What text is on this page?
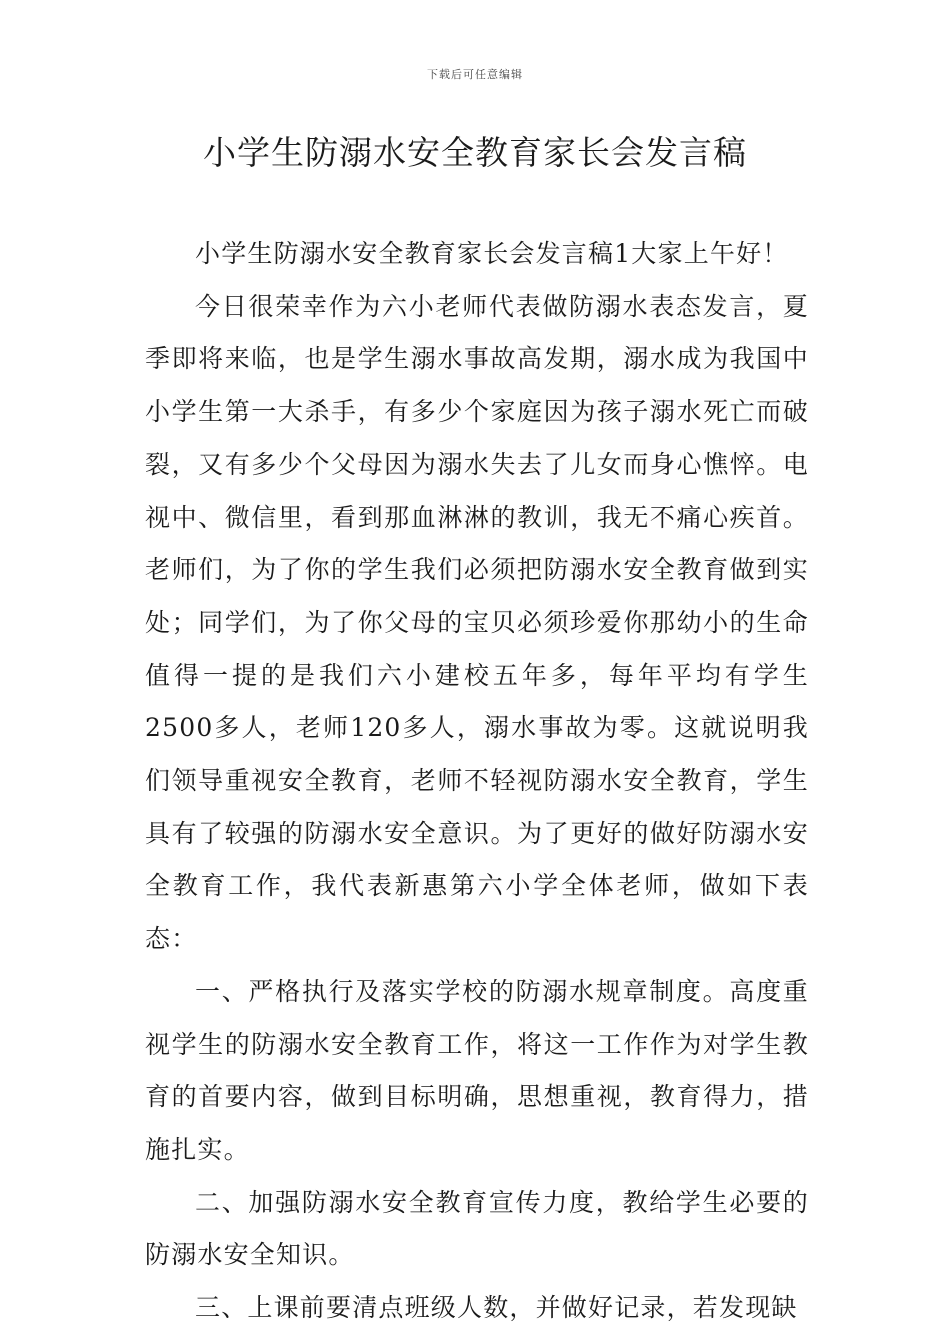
下载后可任意编辑
小学生防溺水安全教育家长会发言稿

小学生防溺水安全教育家长会发言稿1大家上午好！

今日很荣幸作为六小老师代表做防溺水表态发言，夏季即将来临，也是学生溺水事故高发期，溺水成为我国中小学生第一大杀手，有多少个家庭因为孩子溺水死亡而破裂，又有多少个父母因为溺水失去了儿女而身心憔悴。电视中、微信里，看到那血淋淋的教训，我无不痛心疾首。老师们，为了你的学生我们必须把防溺水安全教育做到实处；同学们，为了你父母的宝贝必须珍爱你那幼小的生命值得一提的是我们六小建校五年多，每年平均有学生2500多人，老师120多人，溺水事故为零。这就说明我们领导重视安全教育，老师不轻视防溺水安全教育，学生具有了较强的防溺水安全意识。为了更好的做好防溺水安全教育工作，我代表新惠第六小学全体老师，做如下表态：

一、严格执行及落实学校的防溺水规章制度。高度重视学生的防溺水安全教育工作，将这一工作作为对学生教育的首要内容，做到目标明确，思想重视，教育得力，措施扎实。

二、加强防溺水安全教育宣传力度，教给学生必要的防溺水安全知识。

三、上课前要清点班级人数，并做好记录，若发现缺
